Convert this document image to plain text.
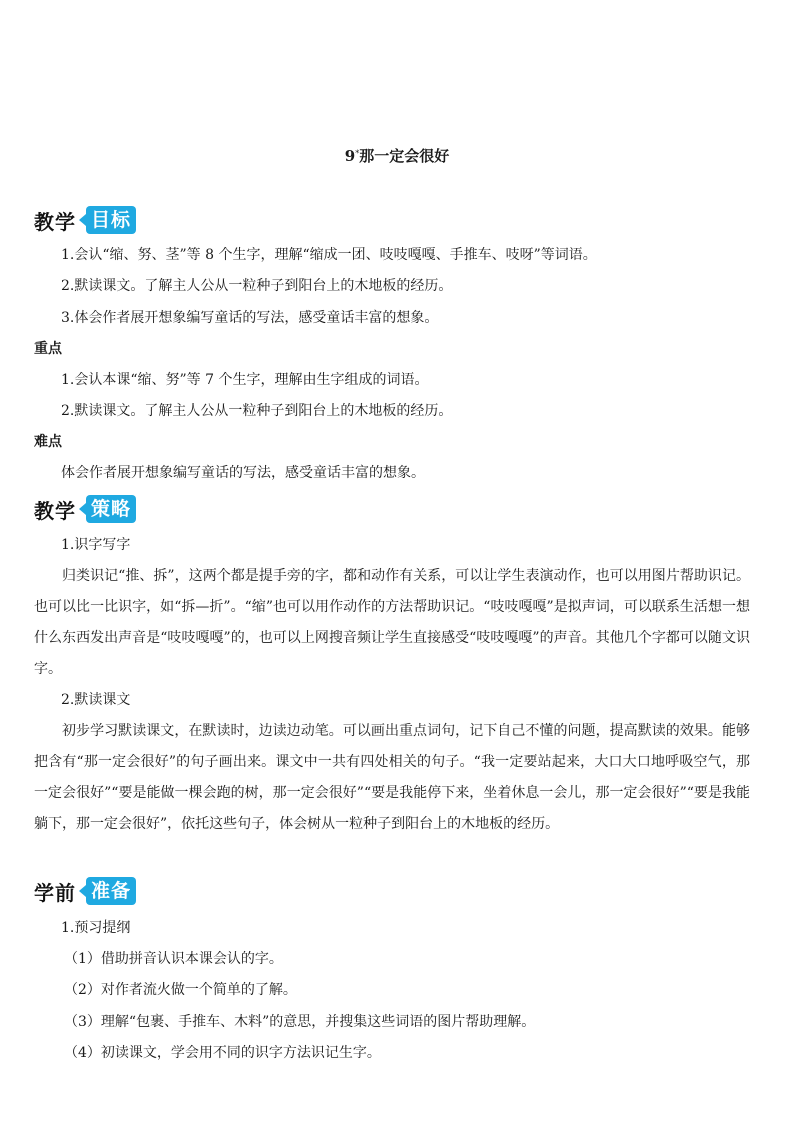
9*那一定会很好
教学 目标
1.会认“缩、努、茎”等 8 个生字，理解“缩成一团、吱吱嘎嘎、手推车、吱呀”等词语。
2.默读课文。了解主人公从一粒种子到阳台上的木地板的经历。
3.体会作者展开想象编写童话的写法，感受童话丰富的想象。
重点
1.会认本课“缩、努”等 7 个生字，理解由生字组成的词语。
2.默读课文。了解主人公从一粒种子到阳台上的木地板的经历。
难点
体会作者展开想象编写童话的写法，感受童话丰富的想象。
教学 策略
1.识字写字
归类识记“推、拆”，这两个都是提手旁的字，都和动作有关系，可以让学生表演动作，也可以用图片帮助识记。也可以比一比识字，如“拆—折”。“缩”也可以用作动作的方法帮助识记。“吱吱嘎嘎”是拟声词，可以联系生活想一想什么东西发出声音是“吱吱嘎嘎”的，也可以上网搜音频让学生直接感受“吱吱嘎嘎”的声音。其他几个字都可以随文识字。
2.默读课文
初步学习默读课文，在默读时，边读边动笔。可以画出重点词句，记下自己不懂的问题，提高默读的效果。能够把含有“那一定会很好”的句子画出来。课文中一共有四处相关的句子。“我一定要站起来，大口大口地呼吸空气，那一定会很好”“要是能做一棵会跑的树，那一定会很好”“要是我能停下来，坐着休息一会儿，那一定会很好”“要是我能躺下，那一定会很好”，依托这些句子，体会树从一粒种子到阳台上的木地板的经历。
学前 准备
1.预习提纲
（1）借助拼音认识本课会认的字。
（2）对作者流火做一个简单的了解。
（3）理解“包裹、手推车、木料”的意思，并搜集这些词语的图片帮助理解。
（4）初读课文，学会用不同的识字方法识记生字。
